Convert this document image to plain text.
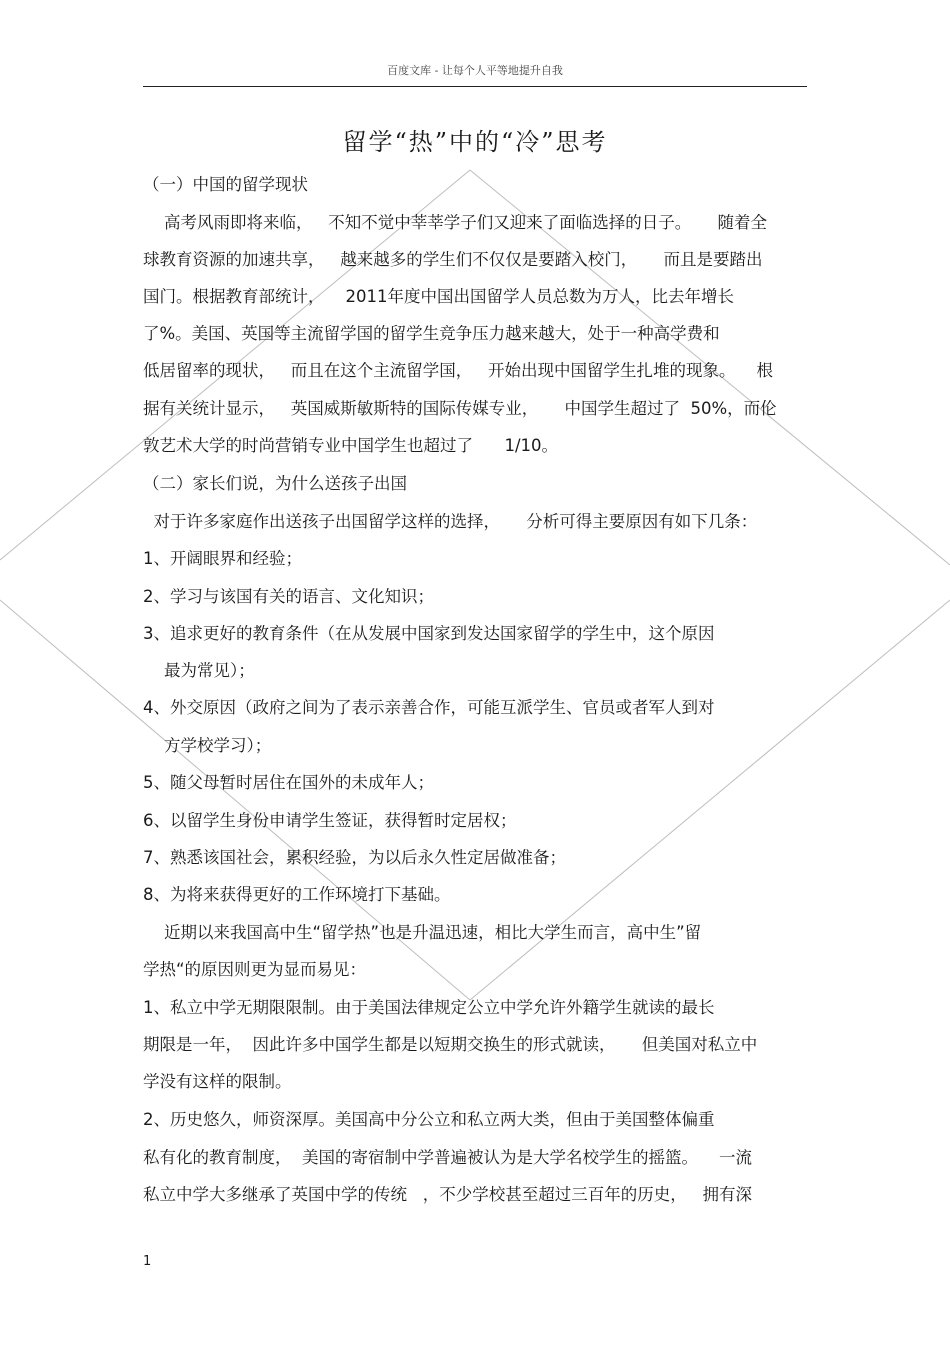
百度文库 - 让每个人平等地提升自我
留学“热”中的“冷”思考
（一）中国的留学现状
高考风雨即将来临，   不知不觉中莘莘学子们又迎来了面临选择的日子。     随着全
球教育资源的加速共享，   越来越多的学生们不仅仅是要踏入校门，     而且是要踏出
国门。根据教育部统计，    2011年度中国出国留学人员总数为万人，比去年增长
了%。美国、英国等主流留学国的留学生竞争压力越来越大，处于一种高学费和
低居留率的现状，   而且在这个主流留学国，   开始出现中国留学生扎堆的现象。    根
据有关统计显示，   英国威斯敏斯特的国际传媒专业，     中国学生超过了  50%，而伦
敦艺术大学的时尚营销专业中国学生也超过了      1/10。
（二）家长们说，为什么送孩子出国
对于许多家庭作出送孩子出国留学这样的选择，     分析可得主要原因有如下几条：
1、开阔眼界和经验；
2、学习与该国有关的语言、文化知识；
3、追求更好的教育条件（在从发展中国家到发达国家留学的学生中，这个原因
最为常见）；
4、外交原因（政府之间为了表示亲善合作，可能互派学生、官员或者军人到对
方学校学习）；
5、随父母暂时居住在国外的未成年人；
6、以留学生身份申请学生签证，获得暂时定居权；
7、熟悉该国社会，累积经验，为以后永久性定居做准备；
8、为将来获得更好的工作环境打下基础。
近期以来我国高中生“留学热”也是升温迅速，相比大学生而言，高中生”留
学热“的原因则更为显而易见：
1、私立中学无期限限制。由于美国法律规定公立中学允许外籍学生就读的最长
期限是一年，  因此许多中国学生都是以短期交换生的形式就读，     但美国对私立中
学没有这样的限制。
2、历史悠久，师资深厚。美国高中分公立和私立两大类，但由于美国整体偏重
私有化的教育制度，  美国的寄宿制中学普遍被认为是大学名校学生的摇篮。    一流
私立中学大多继承了英国中学的传统   ，不少学校甚至超过三百年的历史，   拥有深
1
